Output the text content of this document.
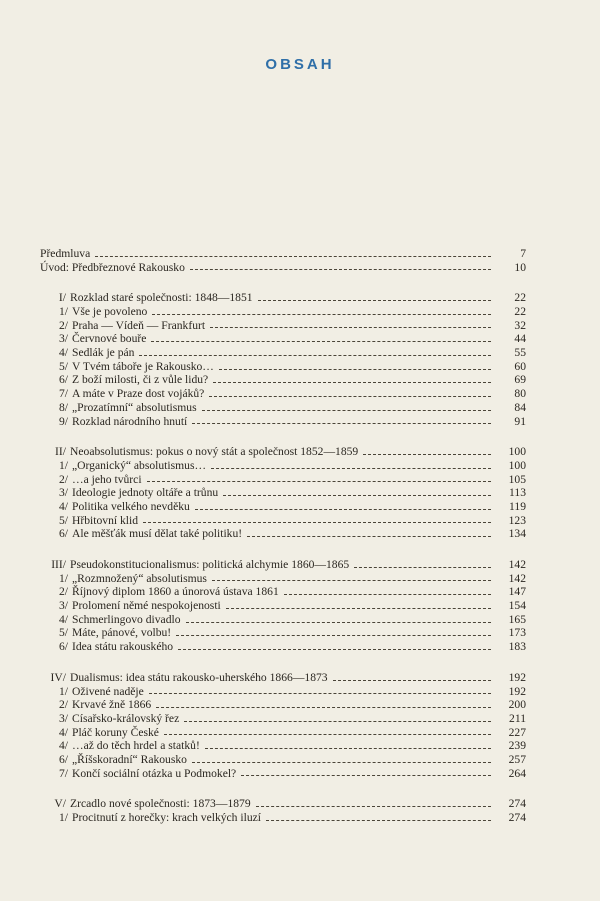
OBSAH
Předmluva	7
Úvod: Předbřeznové Rakousko	10
I/ Rozklad staré společnosti: 1848—1851	22
1/ Vše je povoleno	22
2/ Praha — Vídeň — Frankfurt	32
3/ Červnové bouře	44
4/ Sedlák je pán	55
5/ V Tvém táboře je Rakousko…	60
6/ Z boží milosti, či z vůle lidu?	69
7/ A máte v Praze dost vojáků?	80
8/ „Prozatímní“ absolutismus	84
9/ Rozklad národního hnutí	91
II/ Neoabsolutismus: pokus o nový stát a společnost 1852—1859	100
1/ „Organický“ absolutismus…	100
2/ …a jeho tvůrci	105
3/ Ideologie jednoty oltáře a trůnu	113
4/ Politika velkého nevděku	119
5/ Hřbitovní klid	123
6/ Ale měšťák musí dělat také politiku!	134
III/ Pseudokonstitucionalismus: politická alchymie 1860—1865	142
1/ „Rozmnožený“ absolutismus	142
2/ Říjnový diplom 1860 a únorová ústava 1861	147
3/ Prolomení němé nespokojenosti	154
4/ Schmerlingovo divadlo	165
5/ Máte, pánové, volbu!	173
6/ Idea státu rakouského	183
IV/ Dualismus: idea státu rakousko-uherského 1866—1873	192
1/ Oživené naděje	192
2/ Krvavé žně 1866	200
3/ Císařsko-královský řez	211
4/ Pláč koruny České	227
4/ …až do těch hrdel a statků!	239
6/ „Říšskoradní“ Rakousko	257
7/ Končí sociální otázka u Podmokel?	264
V/ Zrcadlo nové společnosti: 1873—1879	274
1/ Procitnutí z horečky: krach velkých iluzí	274
